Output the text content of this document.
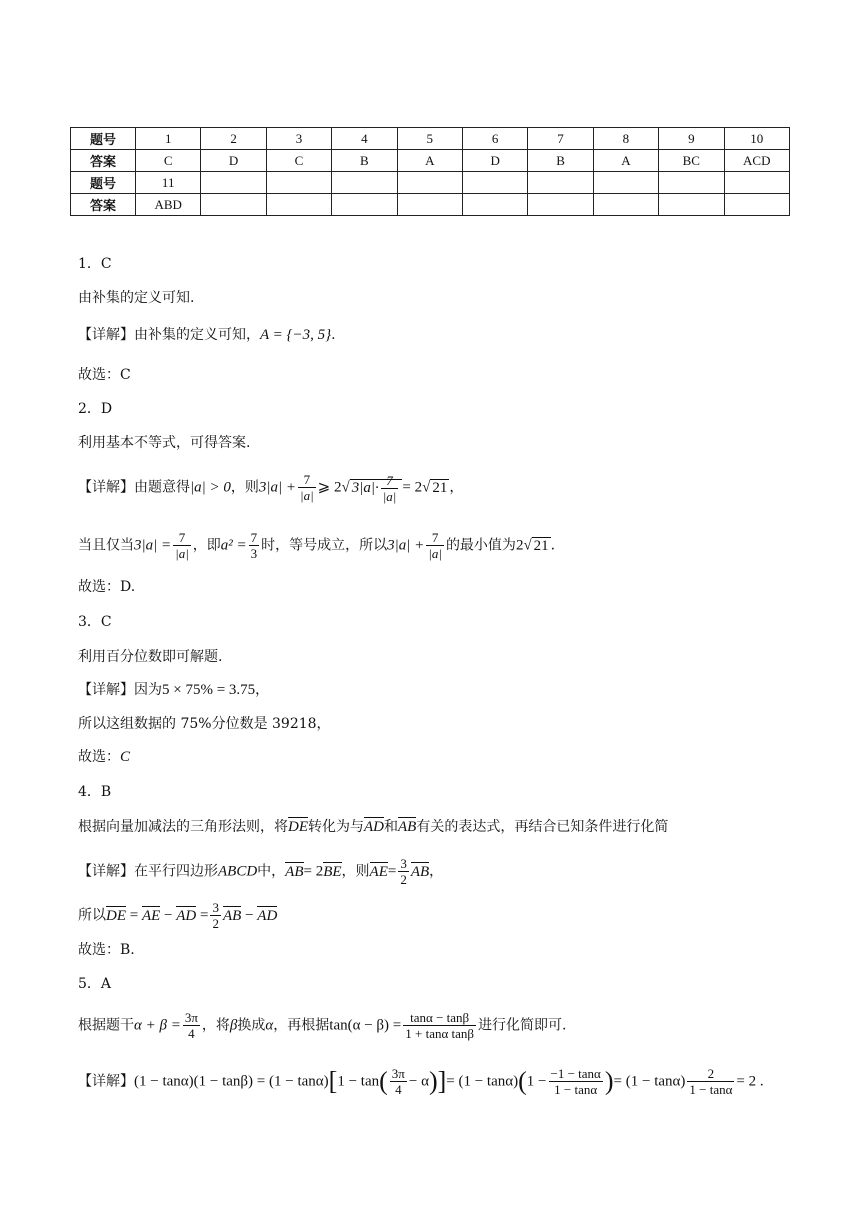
题号	1	2	3	4	5	6	7	8	9	10
答案	C	D	C	B	A	D	B	A	BC	ACD
题号	11									
答案	ABD									
1．C
由补集的定义可知.
【详解】由补集的定义可知，A = {−3, 5}.
故选：C
2．D
利用基本不等式，可得答案.
【详解】由题意得|a| > 0，则$3|a| + \frac{7}{|a|}$ ⩾ 2√ $3|a|\cdot \frac{7}{|a|} = 2√$ 21 ，
当且仅当$3|a| = \frac{7}{|a|}$ ，即$a^2 = \frac{7}{3}$ 时，等号成立，所以$3|a| + \frac{7}{|a|}$ 的最小值为2√ 21 .
故选：D.
3．C
利用百分位数即可解题.
【详解】因为5 × 75% = 3.75，
所以这组数据的 75%分位数是 39218，
故选：C
4．B
根据向量加减法的三角形法则，将DE转化为与AD和AB有关的表达式，再结合已知条件进行化简
【详解】在平行四边形ABCD中，AB= 2BE，则$AE= \frac{3}{2}$ AB，
所以DE = AE − AD = $\frac{3}{2}$ AB − AD
故选：B.
5．A
根据题干$\alpha + \beta = \frac{3\pi}{4}$ ，将β换成α，再根据$\tan(\alpha - \beta) = \frac{\tan\alpha - \tan\beta}{\text{1 + tanα tanβ}}$ 进行化简即可.
【详解】$(1 - \tan\alpha)(1 - \tan\beta) = (1 - \tan\alpha)[1 - \tan( \frac{3\pi}{4} - \alpha)]= (1 - \tan\alpha)(1 - \frac{-1 - \tan\alpha}{1 - \tan\alpha}$ )= $(1 - \tan\alpha) \frac{2}{1 - \tan\alpha} = 2$ .
